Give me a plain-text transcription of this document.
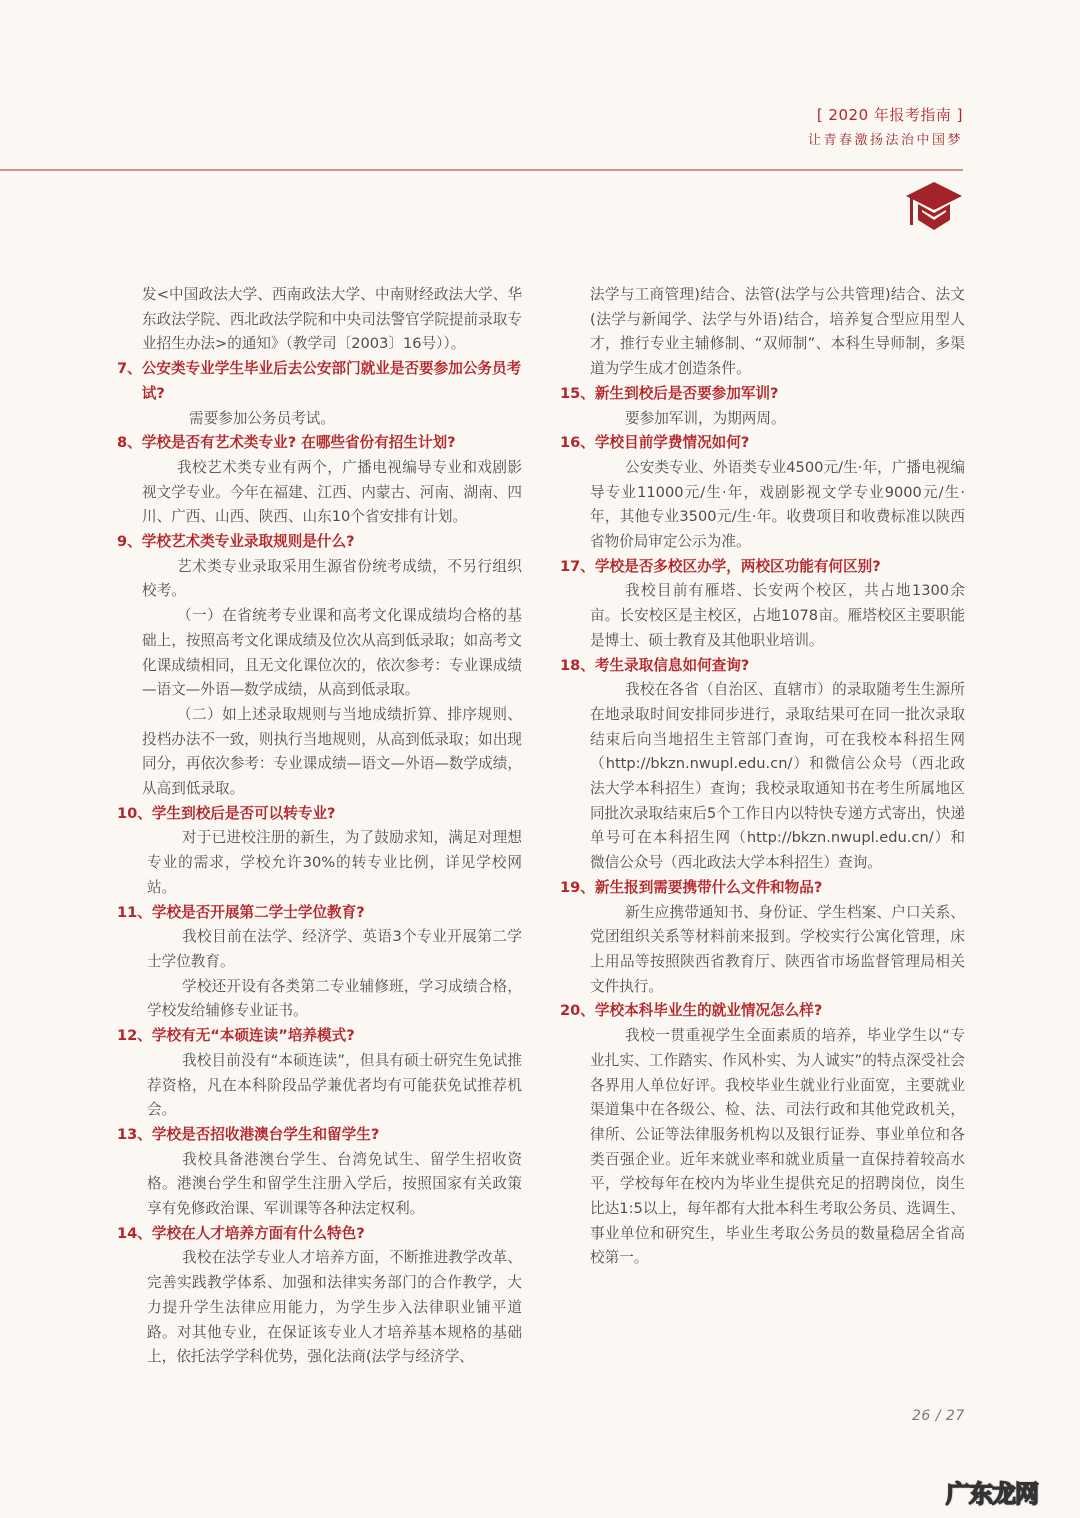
[ 2020 年报考指南 ]
让青春激扬法治中国梦

发<中国政法大学、西南政法大学、中南财经政法大学、华东政法学院、西北政法学院和中央司法警官学院提前录取专业招生办法>的通知》（教学司〔2003〕16号））。

7、 公安类专业学生毕业后去公安部门就业是否要参加公务员考试?

需要参加公务员考试。

8、 学校是否有艺术类专业? 在哪些省份有招生计划?

我校艺术类专业有两个，广播电视编导专业和戏剧影视文学专业。今年在福建、江西、内蒙古、河南、湖南、四川、广西、山西、陕西、山东10个省安排有计划。

9、 学校艺术类专业录取规则是什么?

艺术类专业录取采用生源省份统考成绩，不另行组织校考。

（一）在省统考专业课和高考文化课成绩均合格的基础上，按照高考文化课成绩及位次从高到低录取；如高考文化课成绩相同，且无文化课位次的，依次参考：专业课成绩—语文—外语—数学成绩，从高到低录取。

（二）如上述录取规则与当地成绩折算、排序规则、投档办法不一致，则执行当地规则，从高到低录取；如出现同分，再依次参考：专业课成绩—语文—外语—数学成绩，从高到低录取。

10、 学生到校后是否可以转专业?

对于已进校注册的新生，为了鼓励求知，满足对理想专业的需求，学校允许30%的转专业比例，详见学校网站。

11、 学校是否开展第二学士学位教育?

我校目前在法学、经济学、英语3个专业开展第二学士学位教育。

学校还开设有各类第二专业辅修班，学习成绩合格，学校发给辅修专业证书。

12、 学校有无“本硕连读”培养模式?

我校目前没有“本硕连读”，但具有硕士研究生免试推荐资格，凡在本科阶段品学兼优者均有可能获免试推荐机会。

13、 学校是否招收港澳台学生和留学生?

我校具备港澳台学生、台湾免试生、留学生招收资格。港澳台学生和留学生注册入学后，按照国家有关政策享有免修政治课、军训课等各种法定权利。

14、 学校在人才培养方面有什么特色?

我校在法学专业人才培养方面，不断推进教学改革、完善实践教学体系、加强和法律实务部门的合作教学，大力提升学生法律应用能力，为学生步入法律职业铺平道路。对其他专业，在保证该专业人才培养基本规格的基础上，依托法学学科优势，强化法商(法学与经济学、

法学与工商管理)结合、法管(法学与公共管理)结合、法文(法学与新闻学、法学与外语)结合，培养复合型应用型人才，推行专业主辅修制、“双师制”、本科生导师制，多渠道为学生成才创造条件。

15、 新生到校后是否要参加军训?

要参加军训，为期两周。

16、 学校目前学费情况如何?

公安类专业、外语类专业4500元/生·年，广播电视编导专业11000元/生·年，戏剧影视文学专业9000元/生·年，其他专业3500元/生·年。收费项目和收费标准以陕西省物价局审定公示为准。

17、 学校是否多校区办学，两校区功能有何区别?

我校目前有雁塔、长安两个校区，共占地1300余亩。长安校区是主校区，占地1078亩。雁塔校区主要职能是博士、硕士教育及其他职业培训。

18、 考生录取信息如何查询?

我校在各省（自治区、直辖市）的录取随考生生源所在地录取时间安排同步进行，录取结果可在同一批次录取结束后向当地招生主管部门查询，可在我校本科招生网（http://bkzn.nwupl.edu.cn/）和微信公众号（西北政法大学本科招生）查询；我校录取通知书在考生所属地区同批次录取结束后5个工作日内以特快专递方式寄出，快递单号可在本科招生网（http://bkzn.nwupl.edu.cn/）和微信公众号（西北政法大学本科招生）查询。

19、 新生报到需要携带什么文件和物品?

新生应携带通知书、身份证、学生档案、户口关系、党团组织关系等材料前来报到。学校实行公寓化管理，床上用品等按照陕西省教育厅、陕西省市场监督管理局相关文件执行。

20、 学校本科毕业生的就业情况怎么样?

我校一贯重视学生全面素质的培养，毕业学生以“专业扎实、工作踏实、作风朴实、为人诚实”的特点深受社会各界用人单位好评。我校毕业生就业行业面宽，主要就业渠道集中在各级公、检、法、司法行政和其他党政机关，律所、公证等法律服务机构以及银行证券、事业单位和各类百强企业。近年来就业率和就业质量一直保持着较高水平，学校每年在校内为毕业生提供充足的招聘岗位，岗生比达1:5以上，每年都有大批本科生考取公务员、选调生、事业单位和研究生，毕业生考取公务员的数量稳居全省高校第一。

26 / 27
广东龙网
